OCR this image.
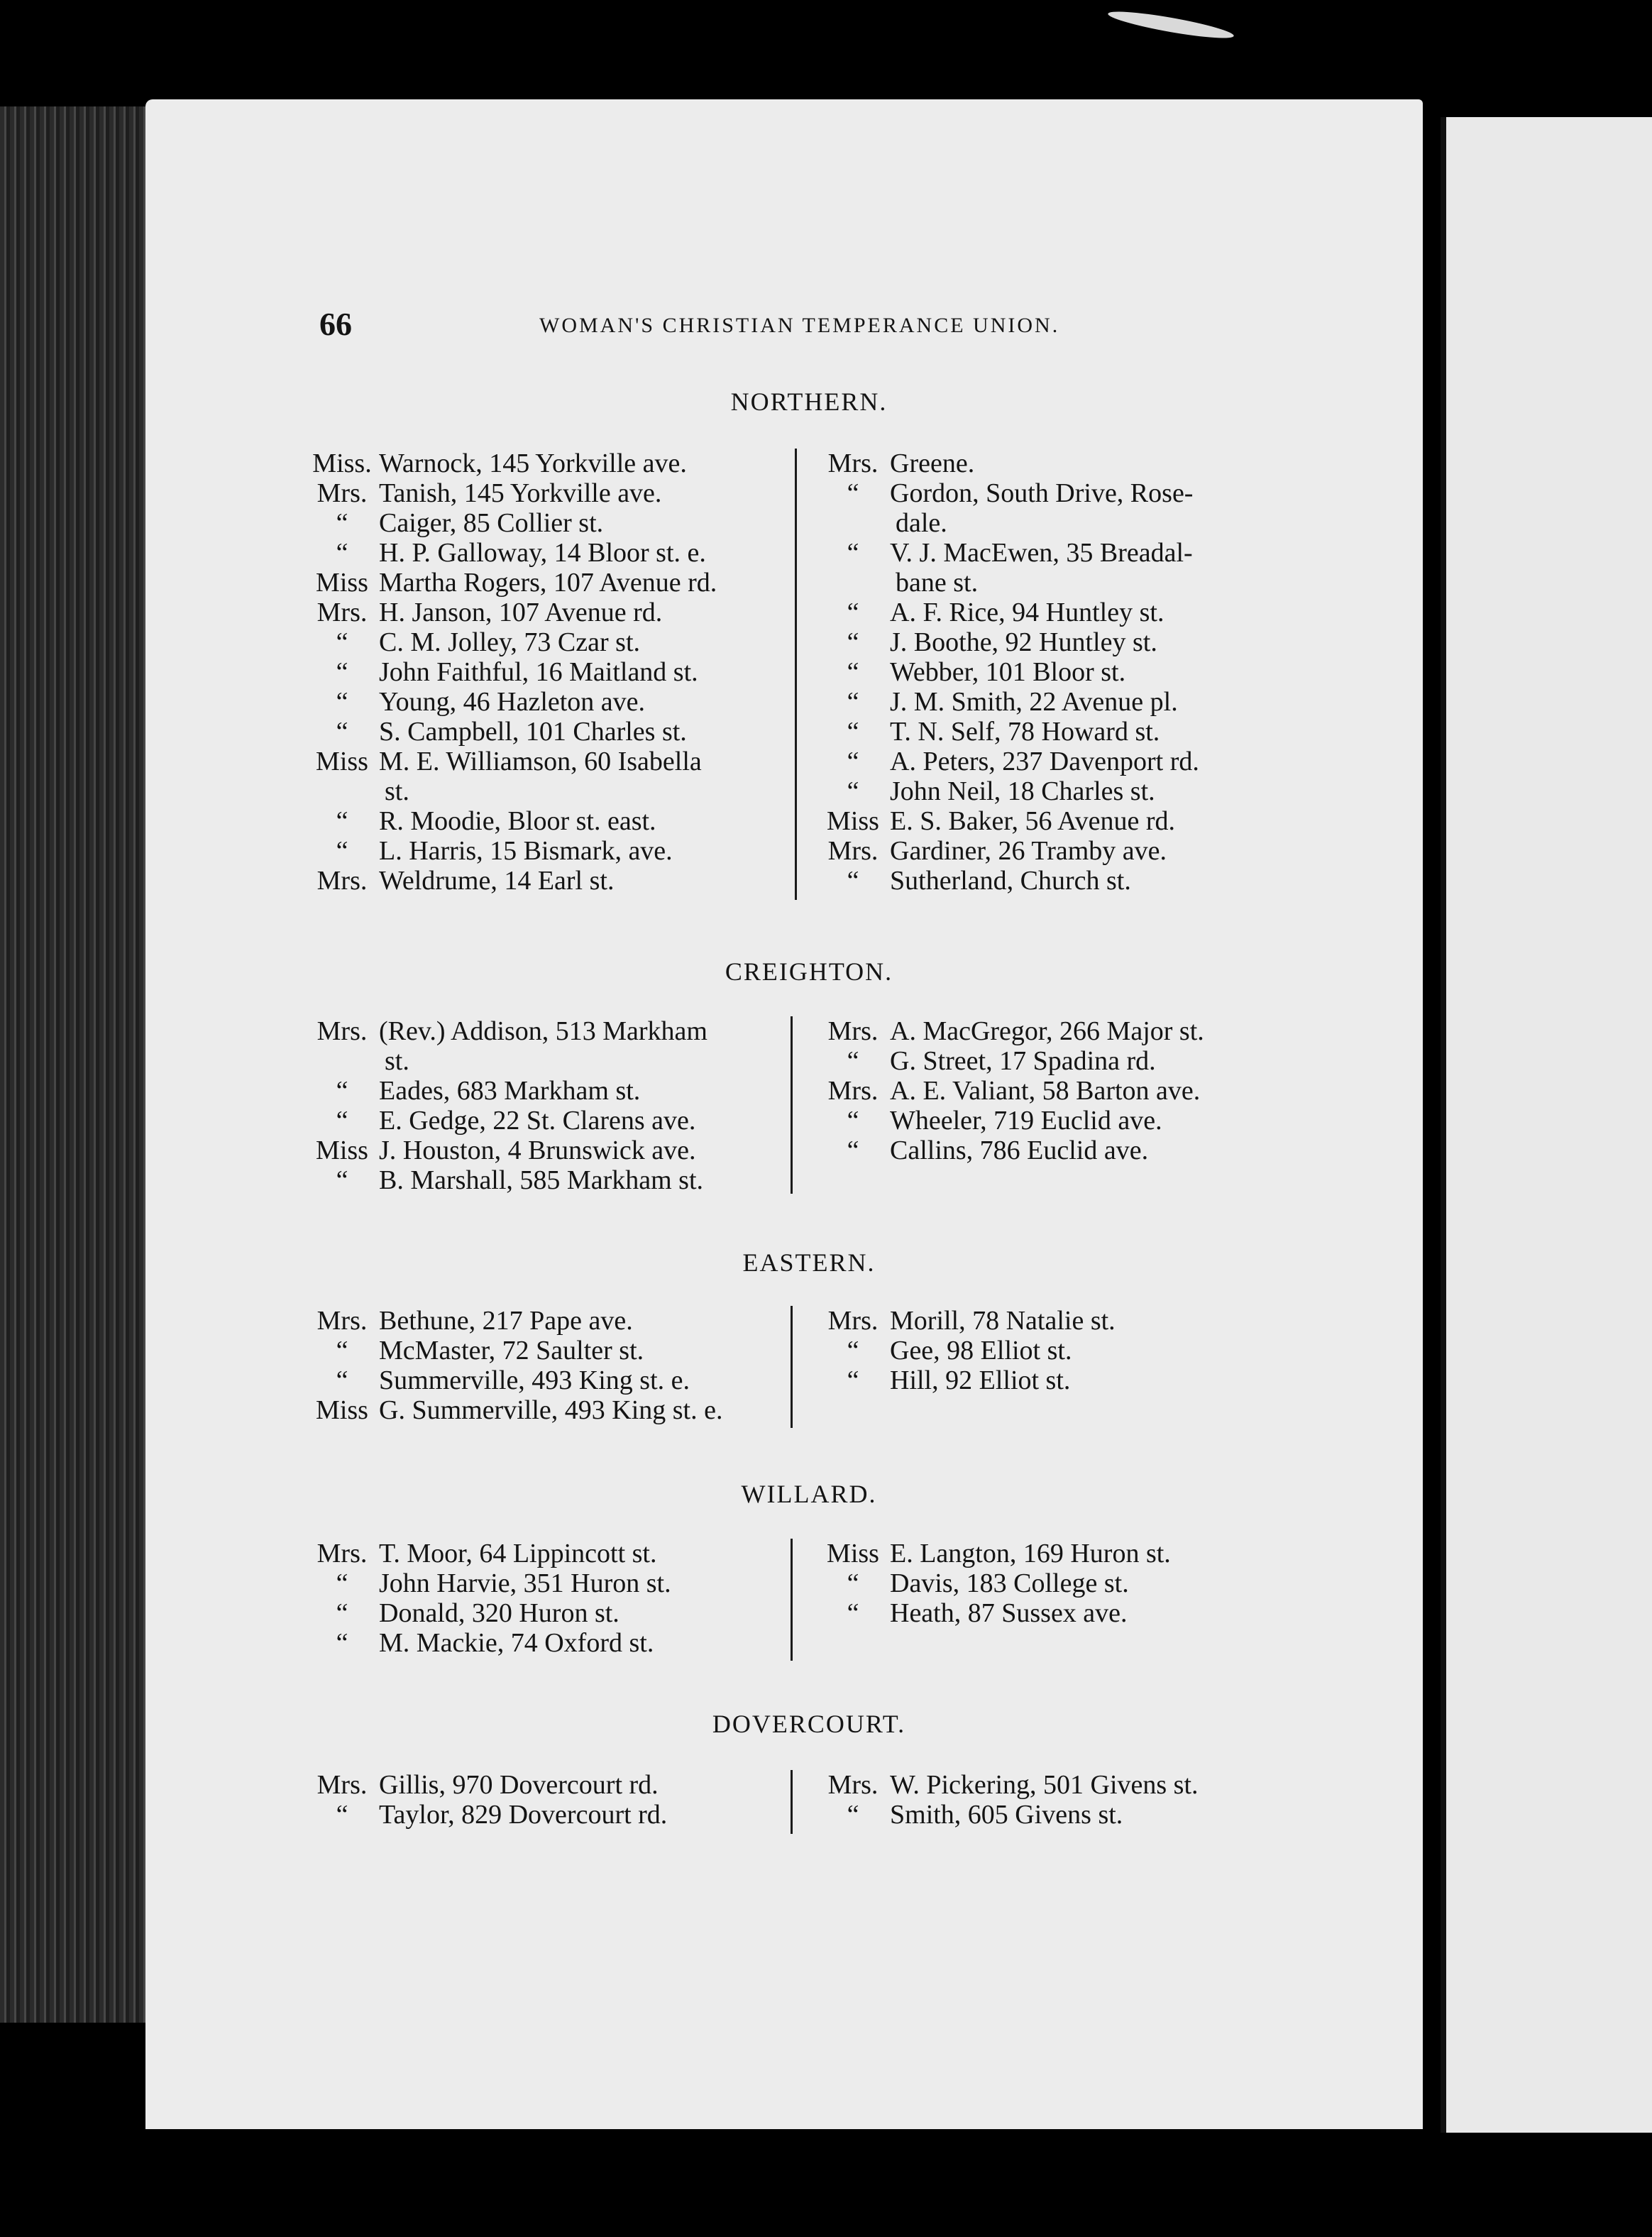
66	WOMAN'S CHRISTIAN TEMPERANCE UNION.
NORTHERN.
Miss. Warnock, 145 Yorkville ave.
Mrs. Tanish, 145 Yorkville ave.
“ Caiger, 85 Collier st.
“ H. P. Galloway, 14 Bloor st. e.
Miss Martha Rogers, 107 Avenue rd.
Mrs. H. Janson, 107 Avenue rd.
“ C. M. Jolley, 73 Czar st.
“ John Faithful, 16 Maitland st.
“ Young, 46 Hazleton ave.
“ S. Campbell, 101 Charles st.
Miss M. E. Williamson, 60 Isabella
st.
“ R. Moodie, Bloor st. east.
“ L. Harris, 15 Bismark, ave.
Mrs. Weldrume, 14 Earl st.
Mrs. Greene.
“ Gordon, South Drive, Rose-
dale.
“ V. J. MacEwen, 35 Breadal-
bane st.
“ A. F. Rice, 94 Huntley st.
“ J. Boothe, 92 Huntley st.
“ Webber, 101 Bloor st.
“ J. M. Smith, 22 Avenue pl.
“ T. N. Self, 78 Howard st.
“ A. Peters, 237 Davenport rd.
“ John Neil, 18 Charles st.
Miss E. S. Baker, 56 Avenue rd.
Mrs. Gardiner, 26 Tramby ave.
“ Sutherland, Church st.
CREIGHTON.
Mrs. (Rev.) Addison, 513 Markham
st.
“ Eades, 683 Markham st.
“ E. Gedge, 22 St. Clarens ave.
Miss J. Houston, 4 Brunswick ave.
“ B. Marshall, 585 Markham st.
Mrs. A. MacGregor, 266 Major st.
“ G. Street, 17 Spadina rd.
Mrs. A. E. Valiant, 58 Barton ave.
“ Wheeler, 719 Euclid ave.
“ Callins, 786 Euclid ave.
EASTERN.
Mrs. Bethune, 217 Pape ave.
“ McMaster, 72 Saulter st.
“ Summerville, 493 King st. e.
Miss G. Summerville, 493 King st. e.
Mrs. Morill, 78 Natalie st.
“ Gee, 98 Elliot st.
“ Hill, 92 Elliot st.
WILLARD.
Mrs. T. Moor, 64 Lippincott st.
“ John Harvie, 351 Huron st.
“ Donald, 320 Huron st.
“ M. Mackie, 74 Oxford st.
Miss E. Langton, 169 Huron st.
“ Davis, 183 College st.
“ Heath, 87 Sussex ave.
DOVERCOURT.
Mrs. Gillis, 970 Dovercourt rd.
“ Taylor, 829 Dovercourt rd.
Mrs. W. Pickering, 501 Givens st.
“ Smith, 605 Givens st.
